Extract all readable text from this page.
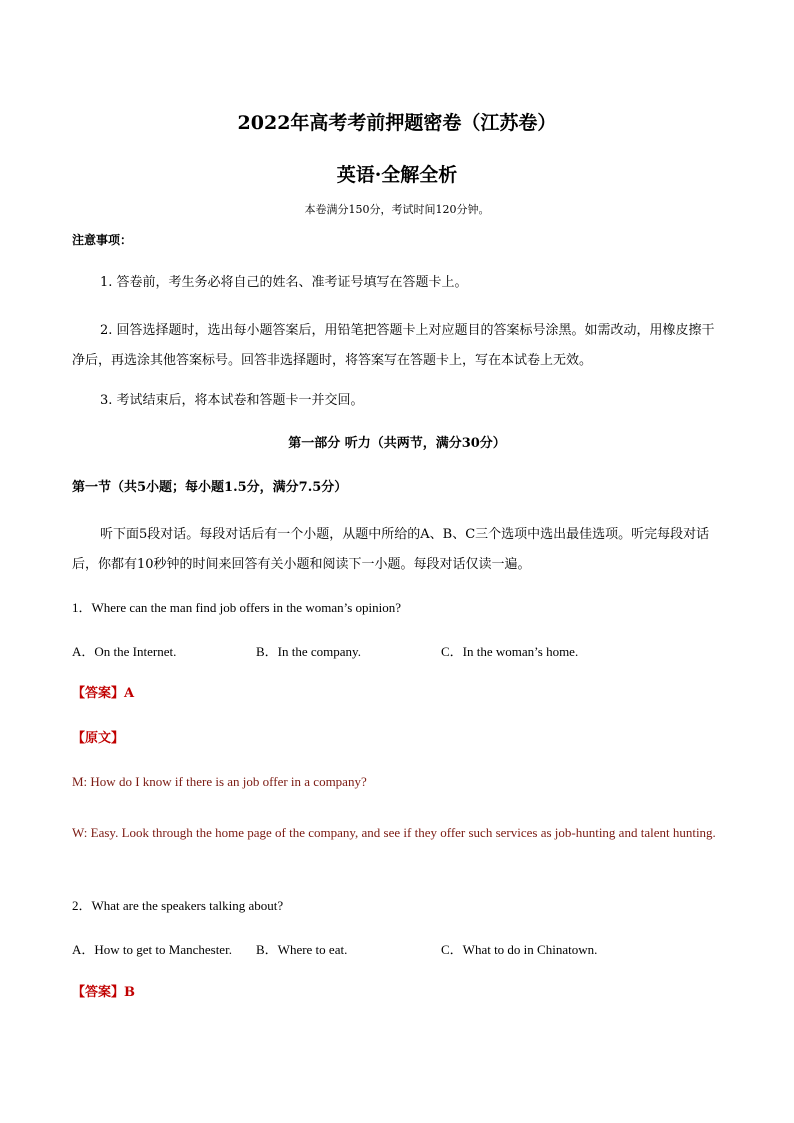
2022年高考考前押题密卷（江苏卷）
英语·全解全析
本卷满分150分，考试时间120分钟。
注意事项：
1. 答卷前，考生务必将自己的姓名、准考证号填写在答题卡上。
2. 回答选择题时，选出每小题答案后，用铅笔把答题卡上对应题目的答案标号涂黑。如需改动，用橡皮擦干净后，再选涂其他答案标号。回答非选择题时，将答案写在答题卡上，写在本试卷上无效。
3. 考试结束后，将本试卷和答题卡一并交回。
第一部分 听力（共两节，满分30分）
第一节（共5小题；每小题1.5分，满分7.5分）
听下面5段对话。每段对话后有一个小题，从题中所给的A、B、C三个选项中选出最佳选项。听完每段对话后，你都有10秒钟的时间来回答有关小题和阅读下一小题。每段对话仅读一遍。
1．Where can the man find job offers in the woman’s opinion?
A．On the Internet.	B．In the company.	C．In the woman’s home.
【答案】A
【原文】
M: How do I know if there is an job offer in a company?
W: Easy. Look through the home page of the company, and see if they offer such services as job-hunting and talent hunting.
2．What are the speakers talking about?
A．How to get to Manchester. B．Where to eat.	C．What to do in Chinatown.
【答案】B
